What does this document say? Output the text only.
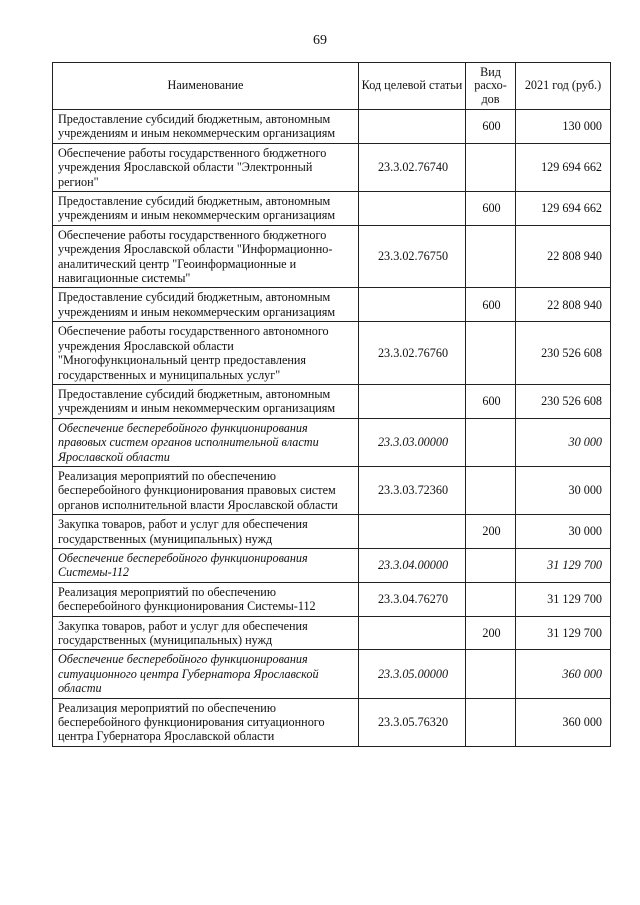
69
Наименование	Код целевой статьи	Вид расхо-дов	2021 год (руб.)
Предоставление субсидий бюджетным, автономным учреждениям и иным некоммерческим организациям		600	130 000
Обеспечение работы государственного бюджетного учреждения Ярославской области "Электронный регион"	23.3.02.76740		129 694 662
Предоставление субсидий бюджетным, автономным учреждениям и иным некоммерческим организациям		600	129 694 662
Обеспечение работы государственного бюджетного учреждения Ярославской области "Информационно-аналитический центр "Геоинформационные и навигационные системы"	23.3.02.76750		22 808 940
Предоставление субсидий бюджетным, автономным учреждениям и иным некоммерческим организациям		600	22 808 940
Обеспечение работы государственного автономного учреждения Ярославской области "Многофункциональный центр предоставления государственных и муниципальных услуг"	23.3.02.76760		230 526 608
Предоставление субсидий бюджетным, автономным учреждениям и иным некоммерческим организациям		600	230 526 608
Обеспечение бесперебойного функционирования правовых систем органов исполнительной власти Ярославской области	23.3.03.00000		30 000
Реализация мероприятий по обеспечению бесперебойного функционирования правовых систем органов исполнительной власти Ярославской области	23.3.03.72360		30 000
Закупка товаров, работ и услуг для обеспечения государственных (муниципальных) нужд		200	30 000
Обеспечение бесперебойного функционирования Системы-112	23.3.04.00000		31 129 700
Реализация мероприятий по обеспечению бесперебойного функционирования Системы-112	23.3.04.76270		31 129 700
Закупка товаров, работ и услуг для обеспечения государственных (муниципальных) нужд		200	31 129 700
Обеспечение бесперебойного функционирования ситуационного центра Губернатора Ярославской области	23.3.05.00000		360 000
Реализация мероприятий по обеспечению бесперебойного функционирования ситуационного центра Губернатора Ярославской области	23.3.05.76320		360 000
